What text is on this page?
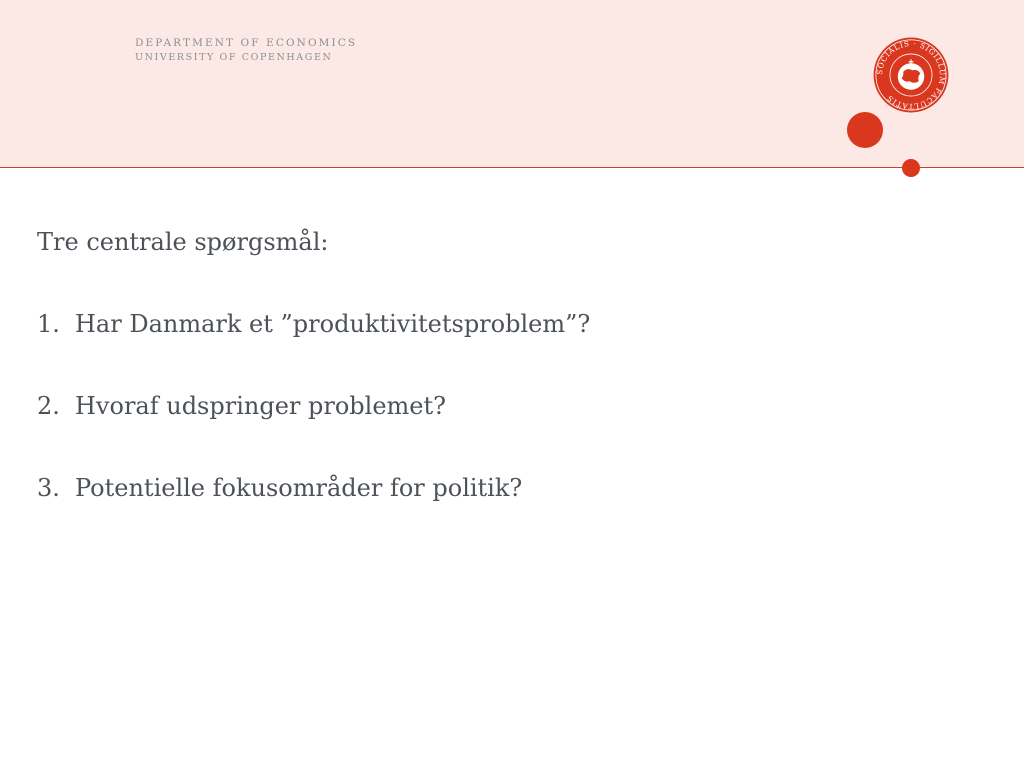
DEPARTMENT OF ECONOMICS
UNIVERSITY OF COPENHAGEN
SOCIALIS · SIGILLUM FACULTATIS

Tre centrale spørgsmål:

1. Har Danmark et ”produktivitetsproblem”?
2. Hvoraf udspringer problemet?
3. Potentielle fokusområder for politik?
